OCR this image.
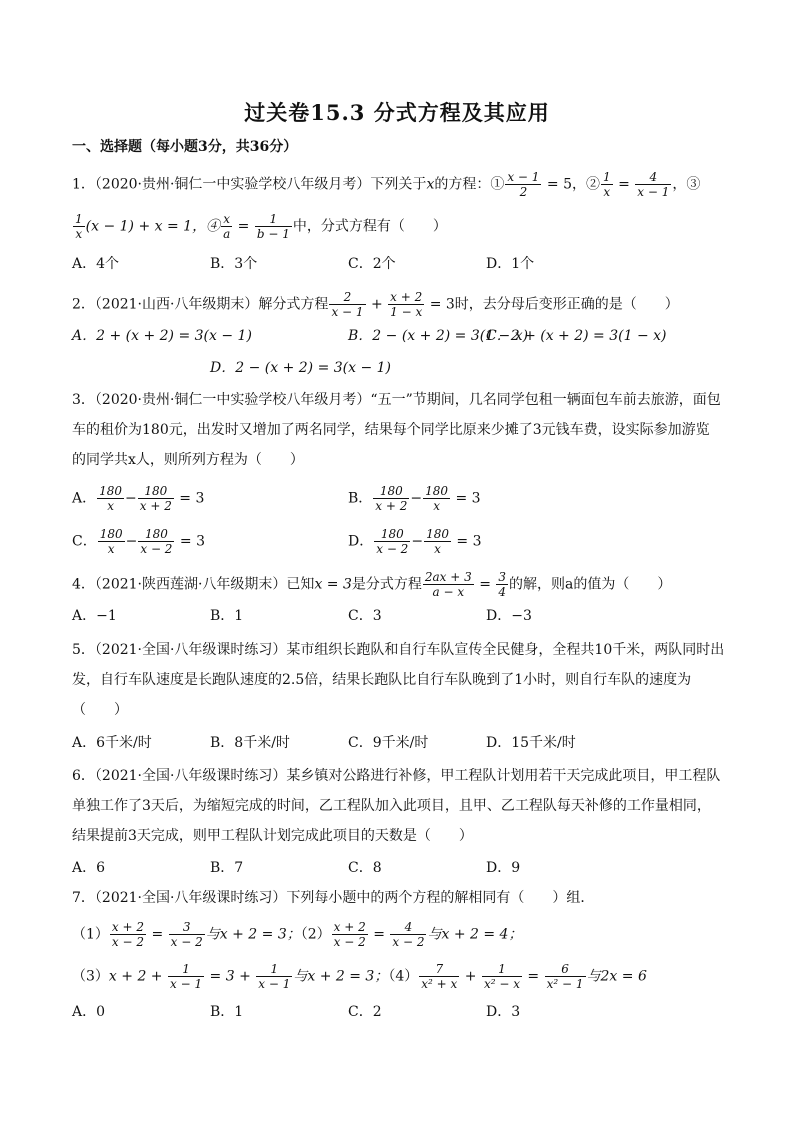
过关卷15.3 分式方程及其应用
一、选择题（每小题3分，共36分）
1．（2020·贵州·铜仁一中实验学校八年级月考）下列关于x的方程：① $\frac{x - 1}{2} = 5$，② $\frac{1}{x} = \frac{4}{x - 1}$ ，③
$\frac{1}{x} (x - 1) + x = 1$，④ $\frac{x}{a} = \frac{1}{b - 1}$ 中，分式方程有（　　）
A．4个	B．3个	C．2个	D．1个
2．（2021·山西·八年级期末）解分式方程 $\frac{2}{x - 1} + \frac{x + 2}{1 - x} = 3$时，去分母后变形正确的是（　　）
A．2 + (x + 2) = 3(x − 1)	B．2 − (x + 2) = 3(1 − x)
C．2 + (x + 2) = 3(1 − x)
D．2 − (x + 2) = 3(x − 1)
3．（2020·贵州·铜仁一中实验学校八年级月考）“五一”节期间，几名同学包租一辆面包车前去旅游，面包
车的租价为180元，出发时又增加了两名同学，结果每个同学比原来少摊了3元钱车费，设实际参加游览
的同学共x人，则所列方程为（　　）
A． $\frac{180}{x} - \frac{180}{x + 2} = 3$	B． $\frac{180}{x + 2} - \frac{180}{x} = 3$
C． $\frac{180}{x} - \frac{180}{x - 2} = 3$	D． $\frac{180}{x - 2} - \frac{180}{x} = 3$
4．（2021·陕西莲湖·八年级期末）已知x = 3是分式方程 $\frac{2ax + 3}{a - x} = \frac{3}{4}$ 的解，则a的值为（　　）
A．−1	B．1	C．3	D．−3
5．（2021·全国·八年级课时练习）某市组织长跑队和自行车队宣传全民健身，全程共10千米，两队同时出
发，自行车队速度是长跑队速度的2.5倍，结果长跑队比自行车队晚到了1小时，则自行车队的速度为
（　　）
A．6千米/时	B．8千米/时	C．9千米/时	D．15千米/时
6．（2021·全国·八年级课时练习）某乡镇对公路进行补修，甲工程队计划用若干天完成此项目，甲工程队
单独工作了3天后，为缩短完成的时间，乙工程队加入此项目，且甲、乙工程队每天补修的工作量相同，
结果提前3天完成，则甲工程队计划完成此项目的天数是（　　）
A．6	B．7	C．8	D．9
7．（2021·全国·八年级课时练习）下列每小题中的两个方程的解相同有（　　）组．
$(1) \frac{x + 2}{x - 2} = \frac{3}{x - 2}$ 与x + 2 = 3；$(2) \frac{x + 2}{x - 2} = \frac{4}{x - 2}$ 与x + 2 = 4；
$(3)x + 2 + \frac{1}{x - 1} = 3 + \frac{1}{x - 1}$ 与x + 2 = 3；$(4) \frac{7}{\text{x² + x}} + \frac{1}{\text{x² − x}} = \frac{6}{\text{x² − 1}}$ 与2x = 6
A．0	B．1	C．2	D．3
